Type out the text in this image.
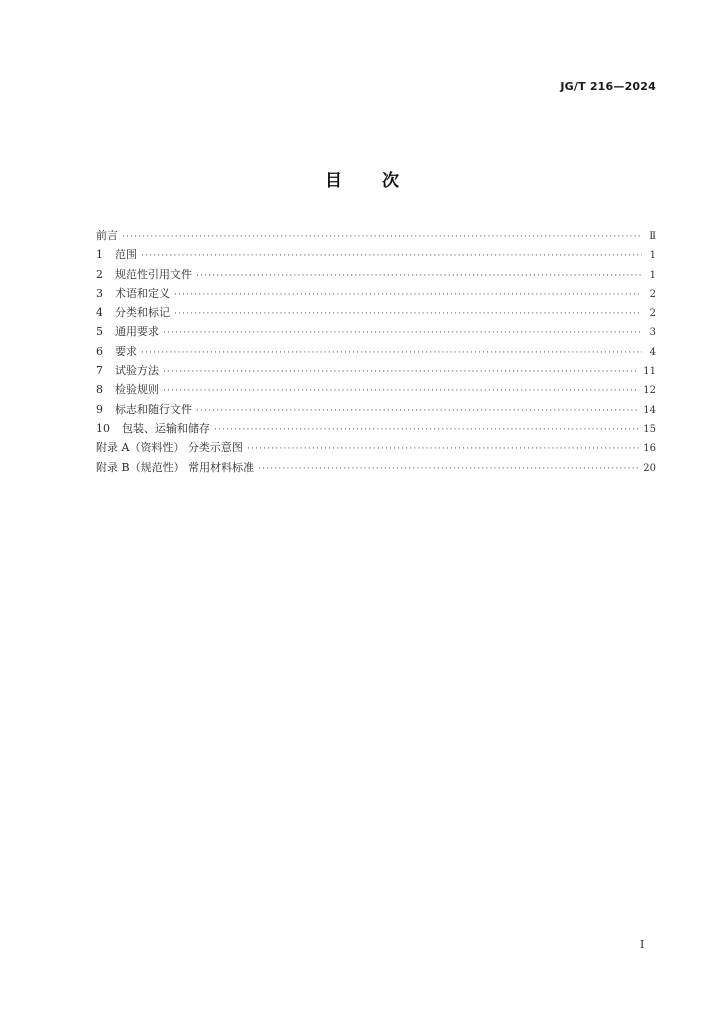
JG/T 216—2024
目 次
前言 ·····	Ⅱ
1	范围 ·····	1
2	规范性引用文件 ·····	1
3	术语和定义 ·····	2
4	分类和标记 ·····	2
5	通用要求 ·····	3
6	要求 ·····	4
7	试验方法 ·····	11
8	检验规则 ·····	12
9	标志和随行文件 ·····	14
10	包装、运输和储存 ·····	15
附录 A（资料性） 分类示意图 ·····	16
附录 B（规范性） 常用材料标准 ·····	20
Ⅰ
